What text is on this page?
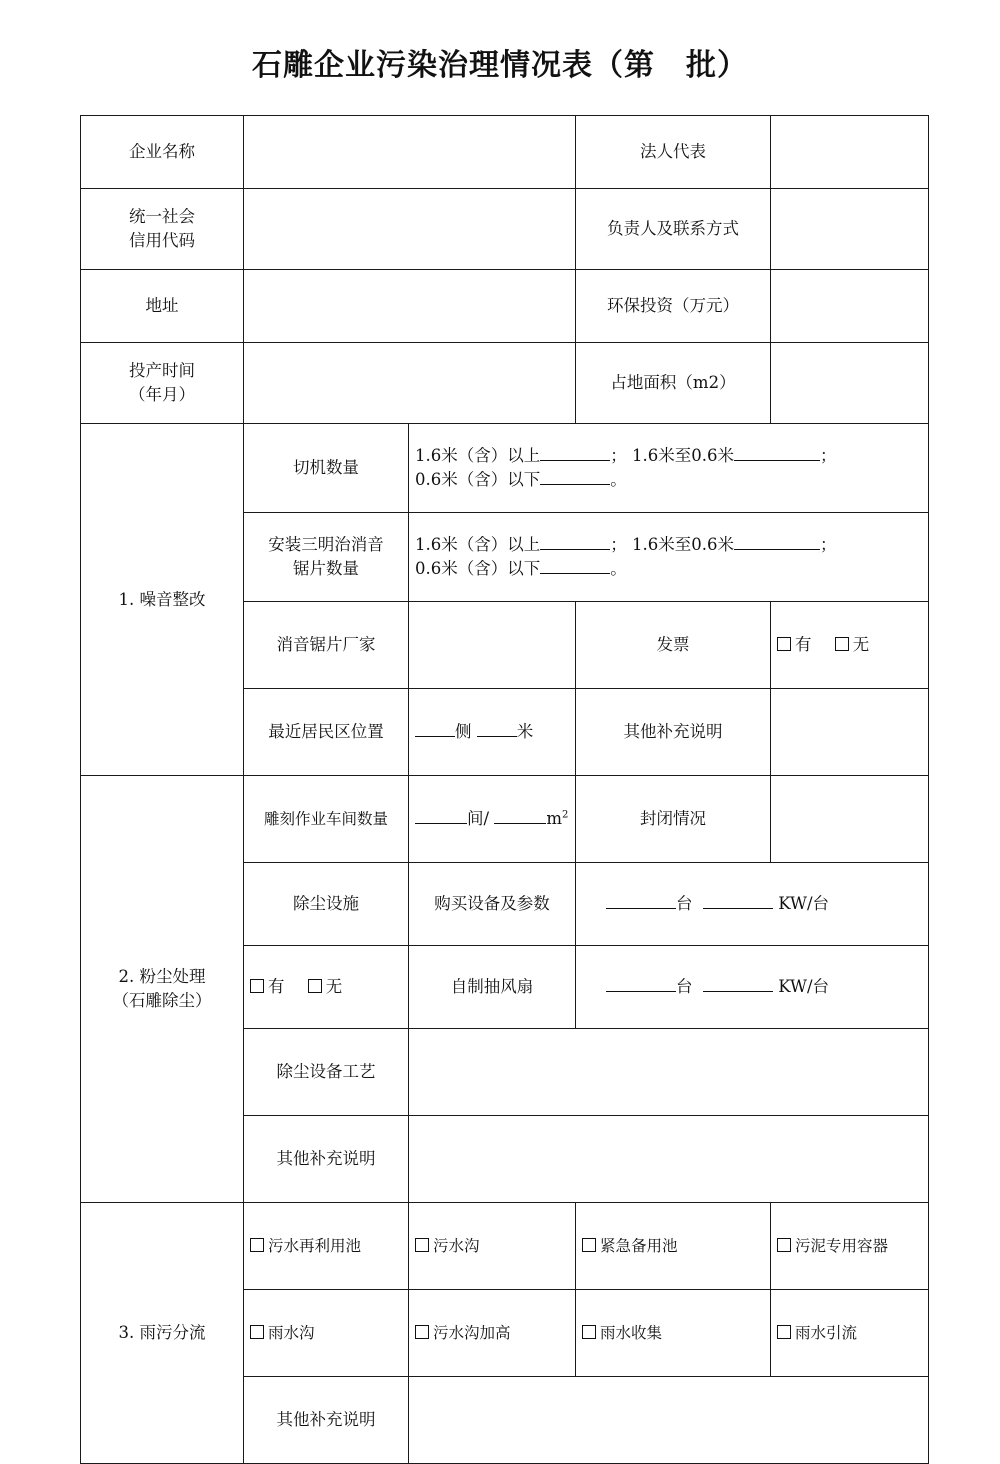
石雕企业污染治理情况表（第　批）
企业名称			法人代表	
统一社会
信用代码			负责人及联系方式	
地址			环保投资（万元）	
投产时间
（年月）			占地面积（m2）	
1. 噪音整改	切机数量	1.6米（含）以上 ； 1.6米至0.6米 ；
0.6米（含）以下 。		
	安装三明治消音
锯片数量	1.6米（含）以上 ； 1.6米至0.6米 ；
0.6米（含）以下 。		
	消音锯片厂家		发票	有 无
	最近居民区位置	侧 米	其他补充说明	
2. 粉尘处理
（石雕除尘）	雕刻作业车间数量	间/ $m^2$	封闭情况	
	除尘设施	购买设备及参数	台 KW/台	
	有 无	自制抽风扇	台 KW/台	
	除尘设备工艺			
	其他补充说明			
3. 雨污分流	污水再利用池	污水沟	紧急备用池	污泥专用容器
	雨水沟	污水沟加高	雨水收集	雨水引流
	其他补充说明			
